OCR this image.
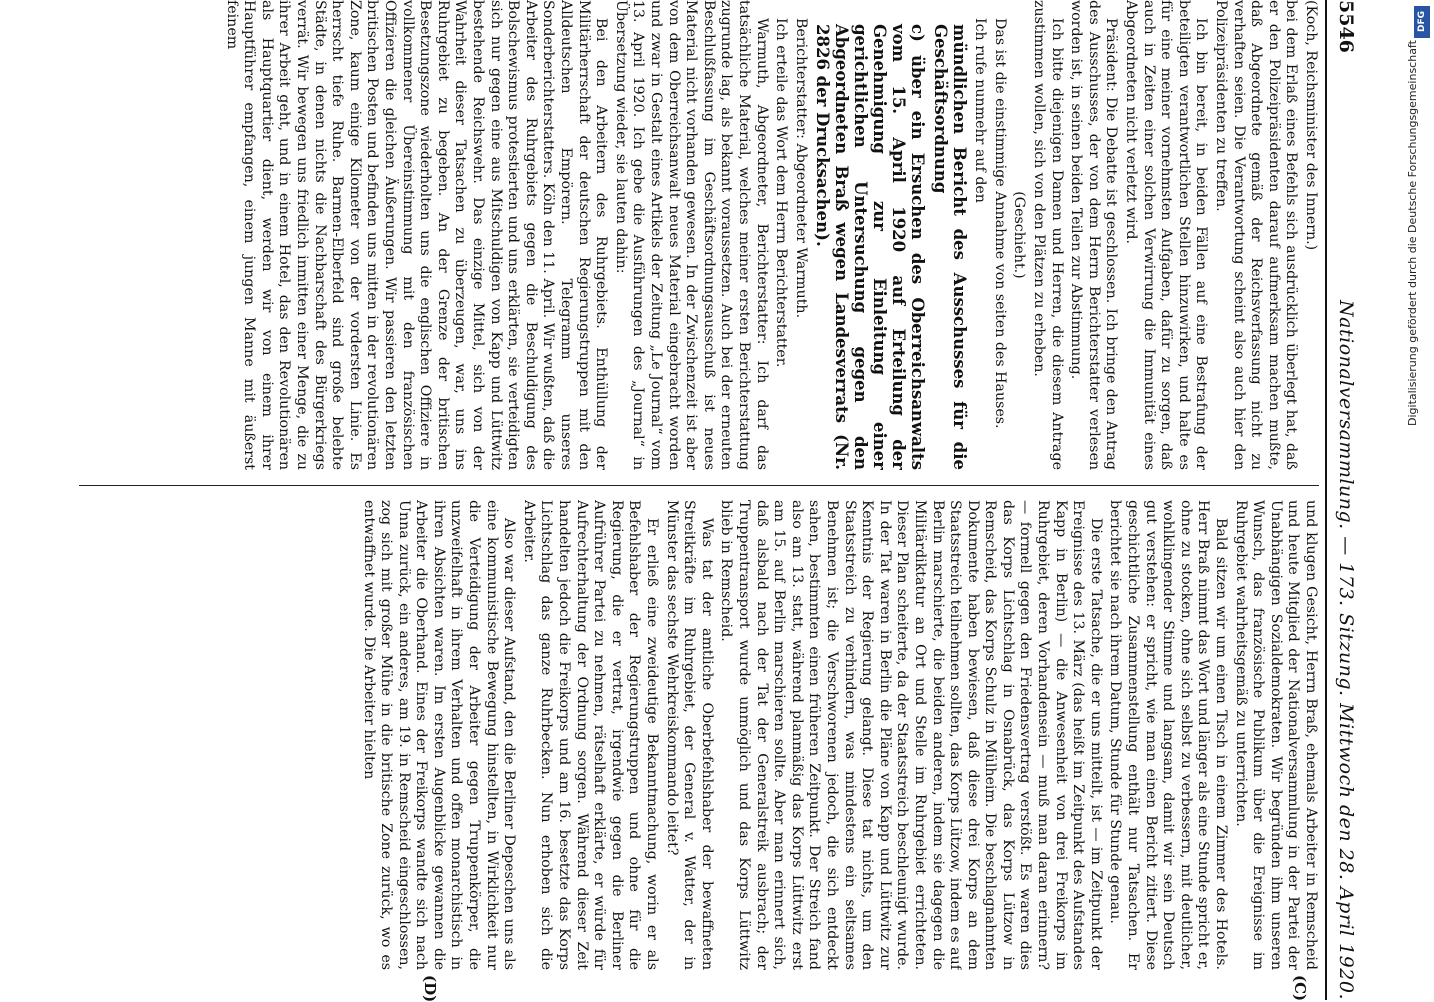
5546
Nationalversammlung. — 173. Sitzung. Mittwoch den 28. April 1920.

(Koch, Reichsminister des Innern.)

bei dem Erlaß eines Befehls sich ausdrücklich überlegt hat, daß er den Polizeipräsidenten darauf aufmerksam machen mußte, daß Abgeordnete gemäß der Reichsverfassung nicht zu verhaften seien. Die Verantwortung scheint also auch hier den Polizeipräsidenten zu treffen.

Ich bin bereit, in beiden Fällen auf eine Bestrafung der beteiligten verantwortlichen Stellen hinzuwirken, und halte es für eine meiner vornehmsten Aufgaben, dafür zu sorgen, daß auch in Zeiten einer solchen Verwirrung die Immunität eines Abgeordneten nicht verletzt wird.

Präsident: Die Debatte ist geschlossen. Ich bringe den Antrag des Ausschusses, der von dem Herrn Berichterstatter verlesen worden ist, in seinen beiden Teilen zur Abstimmung.

Ich bitte diejenigen Damen und Herren, die diesem Antrage zustimmen wollen, sich von den Plätzen zu erheben.

(Geschieht.)

Das ist die einstimmige Annahme von seiten des Hauses.

Ich rufe nunmehr auf den

mündlichen Bericht des Ausschusses für die Geschäftsordnung

c) über ein Ersuchen des Oberreichsanwalts vom 15. April 1920 auf Erteilung der Genehmigung zur Einleitung einer gerichtlichen Untersuchung gegen den Abgeordneten Braß wegen Landesverrats (Nr. 2826 der Drucksachen).

Berichterstatter: Abgeordneter Warmuth.

Ich erteile das Wort dem Herrn Berichterstatter.

Warmuth, Abgeordneter, Berichterstatter: Ich darf das tatsächliche Material, welches meiner ersten Berichterstattung zugrunde lag, als bekannt voraussetzen. Auch bei der erneuten Beschlußfassung im Geschäftsordnungsausschuß ist neues Material nicht vorhanden gewesen. In der Zwischenzeit ist aber von dem Oberreichsanwalt neues Material eingebracht worden und zwar in Gestalt eines Artikels der Zeitung „Le Journal“ vom 13. April 1920. Ich gebe die Ausführungen des „Journal“ in Übersetzung wieder, sie lauten dahin:

Bei den Arbeitern des Ruhrgebiets. Enthüllung der Militärherrschaft der deutschen Regierungstruppen mit den Alldeutschen Empörern. Telegramm unseres Sonderberichterstatters. Köln den 11. April. Wir wußten, daß die Arbeiter des Ruhrgebiets gegen die Beschuldigung des Bolschewismus protestierten und uns erklärten, sie verteidigten sich nur gegen eine aus Mitschuldigen von Kapp und Lüttwitz bestehende Reichswehr. Das einzige Mittel, sich von der Wahrheit dieser Tatsachen zu überzeugen, war, uns ins Ruhrgebiet zu begeben. An der Grenze der britischen Besetzungszone wiederholten uns die englischen Offiziere in vollkommener Übereinstimmung mit den französischen Offizieren die gleichen Äußerungen. Wir passieren den letzten britischen Posten und befinden uns mitten in der revolutionären Zone, kaum einige Kilometer von der vordersten Linie. Es herrscht tiefe Ruhe. Barmen-Elberfeld sind große belebte Städte, in denen nichts die Nachbarschaft des Bürgerkriegs verrät. Wir bewegen uns friedlich inmitten einer Menge, die zu ihrer Arbeit geht, und in einem Hotel, das den Revolutionären als Hauptquartier dient, werden wir von einem ihrer Hauptführer empfangen, einem jungen Manne mit äußerst feinem

und klugen Gesicht, Herrn Braß, ehemals Arbeiter in Remscheid und heute Mitglied der Nationalversammlung in der Partei der Unabhängigen Sozialdemokraten. Wir begründen ihm unseren Wunsch, das französische Publikum über die Ereignisse im Ruhrgebiet wahrheitsgemäß zu unterrichten.

Bald sitzen wir um einen Tisch in einem Zimmer des Hotels. Herr Braß nimmt das Wort und länger als eine Stunde spricht er, ohne zu stocken, ohne sich selbst zu verbessern, mit deutlicher, wohlklingender Stimme und langsam, damit wir sein Deutsch gut verstehen: er spricht, wie man einen Bericht zitiert. Diese geschichtliche Zusammenstellung enthält nur Tatsachen. Er berichtet sie nach ihrem Datum, Stunde für Stunde genau.

Die erste Tatsache, die er uns mitteilt, ist — im Zeitpunkt der Ereignisse des 13. März (das heißt im Zeitpunkt des Aufstandes Kapp in Berlin) — die Anwesenheit von drei Freikorps im Ruhrgebiet, deren Vorhandensein — muß man daran erinnern? — formell gegen den Friedensvertrag verstößt. Es waren dies das Korps Lichtschlag in Osnabrück, das Korps Lützow in Remscheid, das Korps Schulz in Mülheim. Die beschlagnahmten Dokumente haben bewiesen, daß diese drei Korps an dem Staatsstreich teilnehmen sollten, das Korps Lützow, indem es auf Berlin marschierte, die beiden anderen, indem sie dagegen die Militärdiktatur an Ort und Stelle im Ruhrgebiet errichteten. Dieser Plan scheiterte, da der Staatsstreich beschleunigt wurde. In der Tat waren in Berlin die Pläne von Kapp und Lüttwitz zur Kenntnis der Regierung gelangt. Diese tat nichts, um den Staatsstreich zu verhindern, was mindestens ein seltsames Benehmen ist; die Verschworenen jedoch, die sich entdeckt sahen, bestimmten einen früheren Zeitpunkt. Der Streich fand also am 13. statt, während planmäßig das Korps Lüttwitz erst am 15. auf Berlin marschieren sollte. Aber man erinnert sich, daß alsbald nach der Tat der Generalstreik ausbrach; der Truppentransport wurde unmöglich und das Korps Lüttwitz blieb in Remscheid.

Was tat der amtliche Oberbefehlshaber der bewaffneten Streitkräfte im Ruhrgebiet, der General v. Watter, der in Münster das sechste Wehrkreiskommando leitet?

Er erließ eine zweideutige Bekanntmachung, worin er als Befehlshaber der Regierungstruppen und ohne für die Regierung, die er vertrat, irgendwie gegen die Berliner Aufrührer Partei zu nehmen, rätselhaft erklärte, er würde für Aufrechterhaltung der Ordnung sorgen. Während dieser Zeit handelten jedoch die Freikorps und am 16. besetzte das Korps Lichtschlag das ganze Ruhrbecken. Nun erhoben sich die Arbeiter.

Also war dieser Aufstand, den die Berliner Depeschen uns als eine kommunistische Bewegung hinstellten, in Wirklichkeit nur die Verteidigung der Arbeiter gegen Truppenkörper, die unzweifelhaft in ihrem Verhalten und offen monarchistisch in ihren Absichten waren. Im ersten Augenblicke gewannen die Arbeiter die Oberhand. Eines der Freikorps wandte sich nach Unna zurück, ein anderes, am 19. in Remscheid eingeschlossen, zog sich mit großer Mühe in die britische Zone zurück, wo es entwaffnet wurde. Die Arbeiter hielten

(C)
(D)
Digitalisierung gefördert durch die Deutsche Forschungsgemeinschaft
DFG
